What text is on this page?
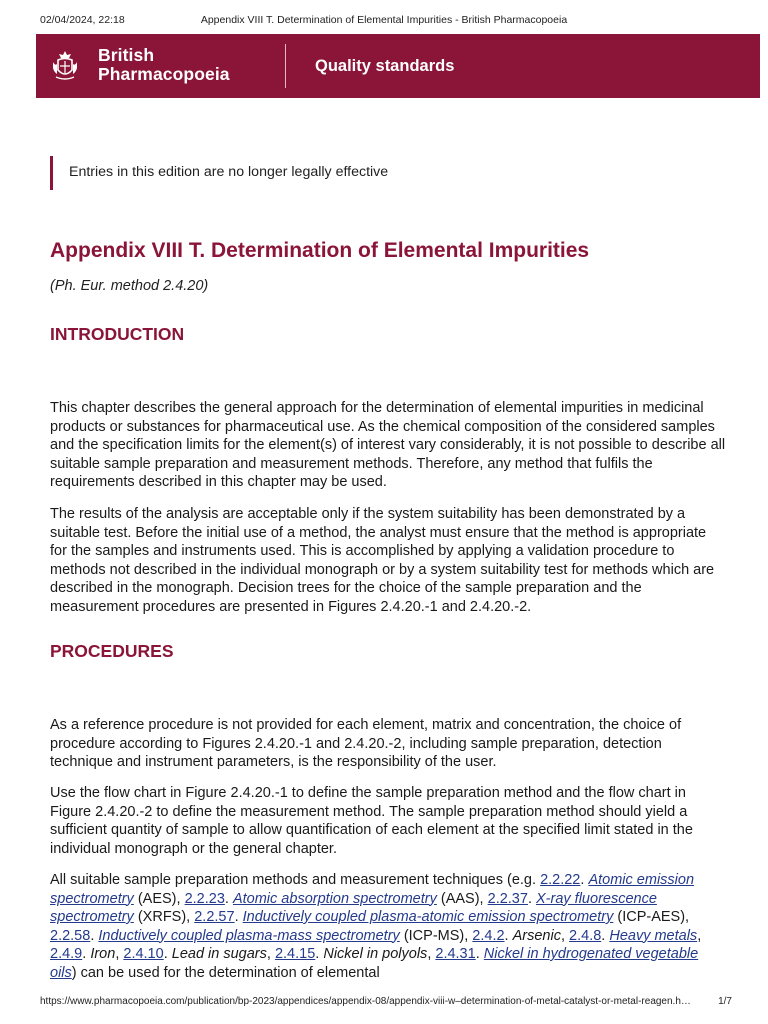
02/04/2024, 22:18	Appendix VIII T. Determination of Elemental Impurities - British Pharmacopoeia
British
Pharmacopoeia	Quality standards
Entries in this edition are no longer legally effective
Appendix VIII T. Determination of Elemental Impurities

(Ph. Eur. method 2.4.20)

INTRODUCTION

This chapter describes the general approach for the determination of elemental impurities in medicinal products or substances for pharmaceutical use. As the chemical composition of the considered samples and the specification limits for the element(s) of interest vary considerably, it is not possible to describe all suitable sample preparation and measurement methods. Therefore, any method that fulfils the requirements described in this chapter may be used.

The results of the analysis are acceptable only if the system suitability has been demonstrated by a suitable test. Before the initial use of a method, the analyst must ensure that the method is appropriate for the samples and instruments used. This is accomplished by applying a validation procedure to methods not described in the individual monograph or by a system suitability test for methods which are described in the monograph. Decision trees for the choice of the sample preparation and the measurement procedures are presented in Figures 2.4.20.-1 and 2.4.20.-2.

PROCEDURES

As a reference procedure is not provided for each element, matrix and concentration, the choice of procedure according to Figures 2.4.20.-1 and 2.4.20.-2, including sample preparation, detection technique and instrument parameters, is the responsibility of the user.

Use the flow chart in Figure 2.4.20.-1 to define the sample preparation method and the flow chart in Figure 2.4.20.-2 to define the measurement method. The sample preparation method should yield a sufficient quantity of sample to allow quantification of each element at the specified limit stated in the individual monograph or the general chapter.

All suitable sample preparation methods and measurement techniques (e.g. 2.2.22. Atomic emission spectrometry (AES), 2.2.23. Atomic absorption spectrometry (AAS), 2.2.37. X-ray fluorescence spectrometry (XRFS), 2.2.57. Inductively coupled plasma-atomic emission spectrometry (ICP-AES), 2.2.58. Inductively coupled plasma-mass spectrometry (ICP-MS), 2.4.2. Arsenic, 2.4.8. Heavy metals, 2.4.9. Iron, 2.4.10. Lead in sugars, 2.4.15. Nickel in polyols, 2.4.31. Nickel in hydrogenated vegetable oils) can be used for the determination of elemental

https://www.pharmacopoeia.com/publication/bp-2023/appendices/appendix-08/appendix-viii-w–determination-of-metal-catalyst-or-metal-reagen.h…	1/7
